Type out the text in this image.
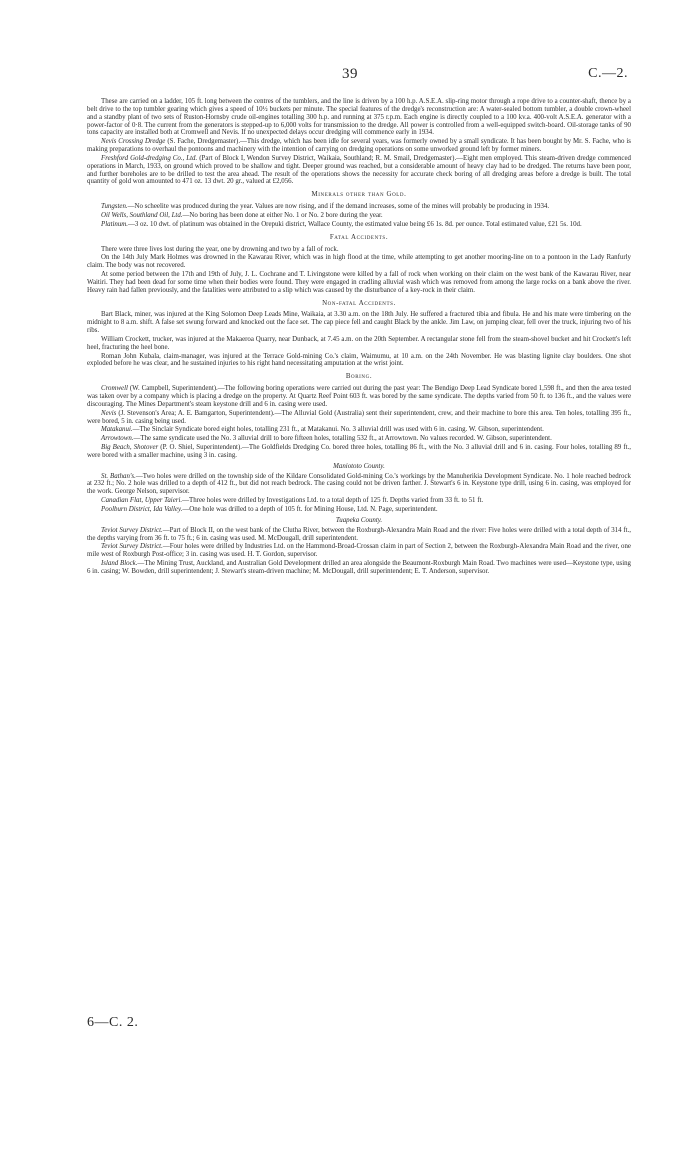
39	C.—2.

These are carried on a ladder, 105 ft. long between the centres of the tumblers, and the line is driven by a 100 h.p. A.S.E.A. slip-ring motor through a rope drive to a counter-shaft, thence by a belt drive to the top tumbler gearing which gives a speed of 10½ buckets per minute. The special features of the dredge's reconstruction are: A water-sealed bottom tumbler, a double crown-wheel and a standby plant of two sets of Ruston-Hornsby crude oil-engines totalling 300 h.p. and running at 375 r.p.m. Each engine is directly coupled to a 100 kv.a. 400-volt A.S.E.A. generator with a power-factor of 0·8. The current from the generators is stepped-up to 6,000 volts for transmission to the dredge. All power is controlled from a well-equipped switch-board. Oil-storage tanks of 90 tons capacity are installed both at Cromwell and Nevis. If no unexpected delays occur dredging will commence early in 1934.

Nevis Crossing Dredge (S. Fache, Dredgemaster).—This dredge, which has been idle for several years, was formerly owned by a small syndicate. It has been bought by Mr. S. Fache, who is making preparations to overhaul the pontoons and machinery with the intention of carrying on dredging operations on some unworked ground left by former miners.

Freshford Gold-dredging Co., Ltd. (Part of Block I, Wendon Survey District, Waikaia, Southland; R. M. Smail, Dredgemaster).—Eight men employed. This steam-driven dredge commenced operations in March, 1933, on ground which proved to be shallow and tight. Deeper ground was reached, but a considerable amount of heavy clay had to be dredged. The returns have been poor, and further boreholes are to be drilled to test the area ahead. The result of the operations shows the necessity for accurate check boring of all dredging areas before a dredge is built. The total quantity of gold won amounted to 471 oz. 13 dwt. 20 gr., valued at £2,056.

Minerals other than Gold.

Tungsten.—No scheelite was produced during the year. Values are now rising, and if the demand increases, some of the mines will probably be producing in 1934.

Oil Wells, Southland Oil, Ltd.—No boring has been done at either No. 1 or No. 2 bore during the year.

Platinum.—3 oz. 10 dwt. of platinum was obtained in the Orepuki district, Wallace County, the estimated value being £6 1s. 8d. per ounce. Total estimated value, £21 5s. 10d.

Fatal Accidents.

There were three lives lost during the year, one by drowning and two by a fall of rock.

On the 14th July Mark Holmes was drowned in the Kawarau River, which was in high flood at the time, while attempting to get another mooring-line on to a pontoon in the Lady Ranfurly claim. The body was not recovered.

At some period between the 17th and 19th of July, J. L. Cochrane and T. Livingstone were killed by a fall of rock when working on their claim on the west bank of the Kawarau River, near Waitiri. They had been dead for some time when their bodies were found. They were engaged in cradling alluvial wash which was removed from among the large rocks on a bank above the river. Heavy rain had fallen previously, and the fatalities were attributed to a slip which was caused by the disturbance of a key-rock in their claim.

Non-fatal Accidents.

Bart Black, miner, was injured at the King Solomon Deep Leads Mine, Waikaia, at 3.30 a.m. on the 18th July. He suffered a fractured tibia and fibula. He and his mate were timbering on the midnight to 8 a.m. shift. A false set swung forward and knocked out the face set. The cap piece fell and caught Black by the ankle. Jim Law, on jumping clear, fell over the truck, injuring two of his ribs.

William Crockett, trucker, was injured at the Makaeroa Quarry, near Dunback, at 7.45 a.m. on the 20th September. A rectangular stone fell from the steam-shovel bucket and hit Crockett's left heel, fracturing the heel bone.

Roman John Kubala, claim-manager, was injured at the Terrace Gold-mining Co.'s claim, Waimumu, at 10 a.m. on the 24th November. He was blasting lignite clay boulders. One shot exploded before he was clear, and he sustained injuries to his right hand necessitating amputation at the wrist joint.

Boring.

Cromwell (W. Campbell, Superintendent).—The following boring operations were carried out during the past year: The Bendigo Deep Lead Syndicate bored 1,598 ft., and then the area tested was taken over by a company which is placing a dredge on the property. At Quartz Reef Point 603 ft. was bored by the same syndicate. The depths varied from 50 ft. to 136 ft., and the values were discouraging. The Mines Department's steam keystone drill and 6 in. casing were used.

Nevis (J. Stevenson's Area; A. E. Bamgarton, Superintendent).—The Alluvial Gold (Australia) sent their superintendent, crew, and their machine to bore this area. Ten holes, totalling 395 ft., were bored, 5 in. casing being used.

Matakanui.—The Sinclair Syndicate bored eight holes, totalling 231 ft., at Matakanui. No. 3 alluvial drill was used with 6 in. casing. W. Gibson, superintendent.

Arrowtown.—The same syndicate used the No. 3 alluvial drill to bore fifteen holes, totalling 532 ft., at Arrowtown. No values recorded. W. Gibson, superintendent.

Big Beach, Shotover (P. O. Shiel, Superintendent).—The Goldfields Dredging Co. bored three holes, totalling 86 ft., with the No. 3 alluvial drill and 6 in. casing. Four holes, totalling 89 ft., were bored with a smaller machine, using 3 in. casing.

Maniototo County.

St. Bathan's.—Two holes were drilled on the township side of the Kildare Consolidated Gold-mining Co.'s workings by the Manuherikia Development Syndicate. No. 1 hole reached bedrock at 232 ft.; No. 2 hole was drilled to a depth of 412 ft., but did not reach bedrock. The casing could not be driven farther. J. Stewart's 6 in. Keystone type drill, using 6 in. casing, was employed for the work. George Nelson, supervisor.

Canadian Flat, Upper Taieri.—Three holes were drilled by Investigations Ltd. to a total depth of 125 ft. Depths varied from 33 ft. to 51 ft.

Poolburn District, Ida Valley.—One hole was drilled to a depth of 105 ft. for Mining House, Ltd. N. Page, superintendent.

Tuapeka County.

Teviot Survey District.—Part of Block II, on the west bank of the Clutha River, between the Roxburgh-Alexandra Main Road and the river: Five holes were drilled with a total depth of 314 ft., the depths varying from 36 ft. to 75 ft.; 6 in. casing was used. M. McDougall, drill superintendent.

Teviot Survey District.—Four holes were drilled by Industries Ltd. on the Hammond-Broad-Crossan claim in part of Section 2, between the Roxburgh-Alexandra Main Road and the river, one mile west of Roxburgh Post-office; 3 in. casing was used. H. T. Gordon, supervisor.

Island Block.—The Mining Trust, Auckland, and Australian Gold Development drilled an area alongside the Beaumont-Roxburgh Main Road. Two machines were used—Keystone type, using 6 in. casing; W. Bowden, drill superintendent; J. Stewart's steam-driven machine; M. McDougall, drill superintendent; E. T. Anderson, supervisor.

6—C. 2.
